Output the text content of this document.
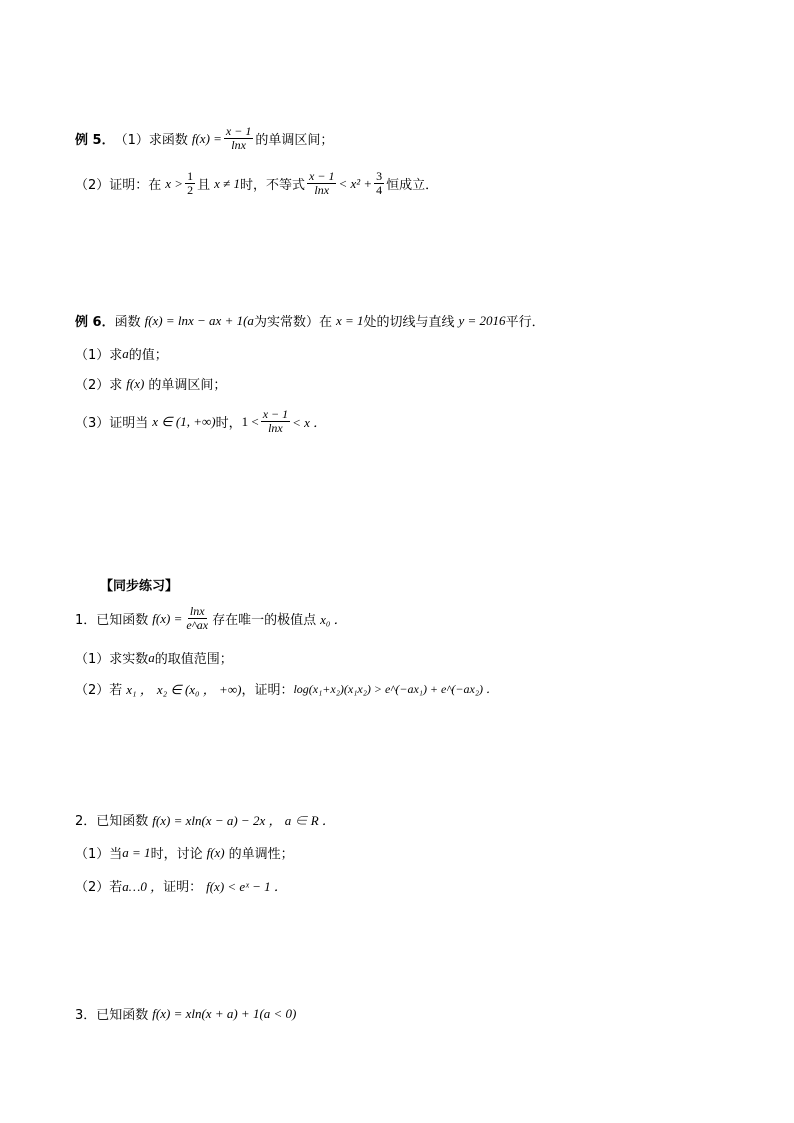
例 5． （1）求函数 $f(x) = \frac{x - 1}{\ln x}$ 的单调区间；
（2）证明：在 $x > \frac{1}{2}$ 且 x ≠ 1 时，不等式 $\frac{x - 1}{\ln x} < x^2 + \frac{3}{4}$ 恒成立．
例 6． 函数 f(x) = lnx − ax + 1(a 为实常数）在 x = 1 处的切线与直线 y = 2016 平行．
（1）求 a 的值；
（2）求 f(x) 的单调区间；
（3）证明当 x ∈ (1, +∞) 时， $1 < \frac{x - 1}{\ln x} < x$ ．
【同步练习】
1．已知函数 $f(x) = \frac{\ln x}{e\^{}ax}$ 存在唯一的极值点 x₀ ．
（1）求实数 a 的取值范围；
（2）若 x₁ ， x₂ ∈ (x₀ ， +∞) ，证明： log(x₁+x₂)(x₁x₂) > e^(−ax₁) + e^(−ax₂) ．
2．已知函数 f(x) = xln(x − a) − 2x ， a ∈ R ．
（1）当 a = 1 时，讨论 f(x) 的单调性；
（2）若 a…0 ， 证明： f(x) < eˣ − 1 ．
3．已知函数 f(x) = xln(x + a) + 1(a < 0)
